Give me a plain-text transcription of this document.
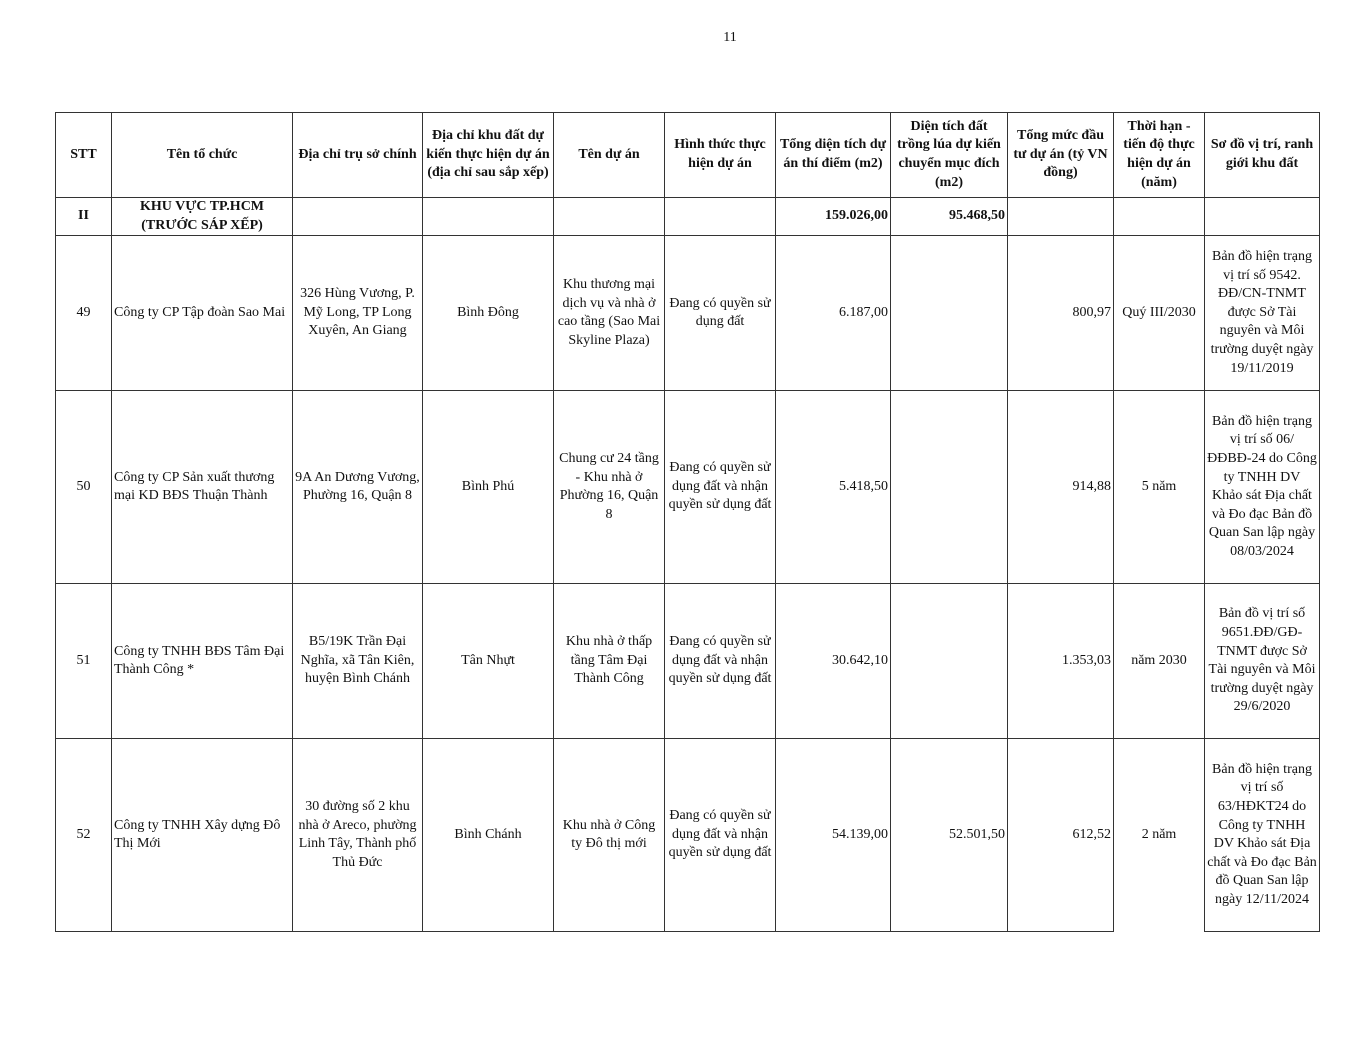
11
STT	Tên tổ chức	Địa chỉ trụ sở chính	Địa chỉ khu đất dự kiến thực hiện dự án (địa chỉ sau sắp xếp)	Tên dự án	Hình thức thực hiện dự án	Tổng diện tích dự án thí điểm (m2)	Diện tích đất trồng lúa dự kiến chuyển mục đích (m2)	Tổng mức đầu tư dự án (tỷ VN đồng)	Thời hạn - tiến độ thực hiện dự án (năm)	Sơ đồ vị trí, ranh giới khu đất
II	KHU VỰC TP.HCM (TRƯỚC SÁP XẾP)					159.026,00	95.468,50			
49	Công ty CP Tập đoàn Sao Mai	326 Hùng Vương, P. Mỹ Long, TP Long Xuyên, An Giang	Bình Đông	Khu thương mại dịch vụ và nhà ở cao tầng (Sao Mai Skyline Plaza)	Đang có quyền sử dụng đất	6.187,00		800,97	Quý III/2030	Bản đồ hiện trạng vị trí số 9542. ĐĐ/CN-TNMT được Sở Tài nguyên và Môi trường duyệt ngày 19/11/2019
50	Công ty CP Sản xuất thương mại KD BĐS Thuận Thành	9A An Dương Vương, Phường 16, Quận 8	Bình Phú	Chung cư 24 tầng - Khu nhà ở Phường 16, Quận 8	Đang có quyền sử dụng đất và nhận quyền sử dụng đất	5.418,50		914,88	5 năm	Bản đồ hiện trạng vị trí số 06/ĐĐBĐ-24 do Công ty TNHH DV Khảo sát Địa chất và Đo đạc Bản đồ Quan San lập ngày 08/03/2024
51	Công ty TNHH BĐS Tâm Đại Thành Công *	B5/19K Trần Đại Nghĩa, xã Tân Kiên, huyện Bình Chánh	Tân Nhựt	Khu nhà ở thấp tầng Tâm Đại Thành Công	Đang có quyền sử dụng đất và nhận quyền sử dụng đất	30.642,10		1.353,03	năm 2030	Bản đồ vị trí số 9651.ĐĐ/GĐ-TNMT được Sở Tài nguyên và Môi trường duyệt ngày 29/6/2020
52	Công ty TNHH Xây dựng Đô Thị Mới	30 đường số 2 khu nhà ở Areco, phường Linh Tây, Thành phố Thủ Đức	Bình Chánh	Khu nhà ở Công ty Đô thị mới	Đang có quyền sử dụng đất và nhận quyền sử dụng đất	54.139,00	52.501,50	612,52	2 năm	Bản đồ hiện trạng vị trí số 63/HĐKT24 do Công ty TNHH DV Khảo sát Địa chất và Đo đạc Bản đồ Quan San lập ngày 12/11/2024
